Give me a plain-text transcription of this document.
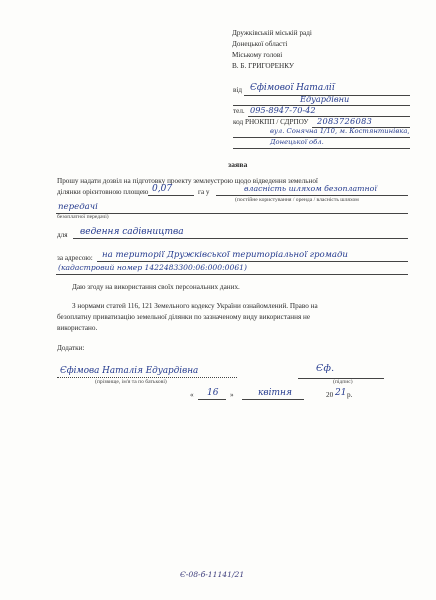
Дружківській міській раді
Донецької області
Міському голові
В. Б. ГРИГОРЕНКУ
від Єфімової Наталії
Едуардівни
тел. 095-8947-70-42
код РНОКПП / СДРПОУ 2083726083
вул. Сонячна 1/10, м. Костянтинівка,
Донецької обл.
заява
Прошу надати дозвіл на підготовку проекту землеустрою щодо відведення земельної
ділянки орієнтовною площею 0,07	га у	власність шляхом безоплатної
(постійне користування / оренда / власність шляхом
передачі
безоплатної передачі)
для ведення садівництва
за адресою: на території Дружківської територіальної громади
(кадастровий номер 1422483300:06:000:0061)
Даю згоду на використання своїх персональних даних.
З нормами статей 116, 121 Земельного кодексу України ознайомлений. Право на
безоплатну приватизацію земельної ділянки по зазначеному виду використання не
використано.
Додатки:
Єфімова Наталія Едуардівна
(прізвище, ім'я та по батькові)
Єф.
(підпис)
« 16 »	квітня	20 21 р.
Є-08-б-11141/21
